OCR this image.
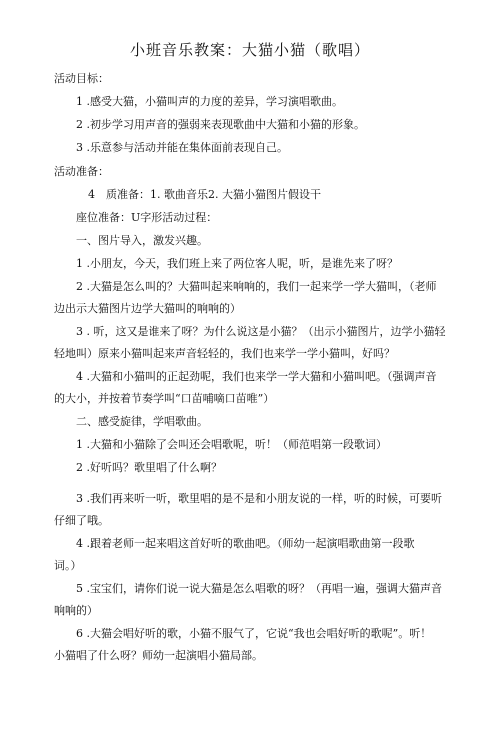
小班音乐教案：大猫小猫（歌唱）
活动目标：
1 .感受大猫，小猫叫声的力度的差异，学习演唱歌曲。
2 .初步学习用声音的强弱来表现歌曲中大猫和小猫的形象。
3 .乐意参与活动并能在集体面前表现自己。
活动准备：
4　质准备：1. 歌曲音乐2. 大猫小猫图片假设干
座位准备：U字形活动过程：
一、图片导入，激发兴趣。
1 .小朋友，今天，我们班上来了两位客人呢，听，是谁先来了呀？
2 .大猫是怎么叫的？大猫叫起来响响的，我们一起来学一学大猫叫，（老师
边出示大猫图片边学大猫叫的响响的）
3 . 听，这又是谁来了呀？为什么说这是小猫？（出示小猫图片，边学小猫轻
轻地叫）原来小猫叫起来声音轻轻的，我们也来学一学小猫叫，好吗？
4 .大猫和小猫叫的正起劲呢，我们也来学一学大猫和小猫叫吧。（强调声音
的大小，并按着节奏学叫“口苗哺嘀口苗唯”）
二、感受旋律，学唱歌曲。
1 .大猫和小猫除了会叫还会唱歌呢，听！（师范唱第一段歌词）
2 .好听吗？歌里唱了什么啊？
3 .我们再来听一听，歌里唱的是不是和小朋友说的一样，听的时候，可要听
仔细了哦。
4 .跟着老师一起来唱这首好听的歌曲吧。（师幼一起演唱歌曲第一段歌
词。）
5 .宝宝们，请你们说一说大猫是怎么唱歌的呀？（再唱一遍，强调大猫声音
响响的）
6 .大猫会唱好听的歌，小猫不服气了，它说“我也会唱好听的歌呢”。听！
小猫唱了什么呀？师幼一起演唱小猫局部。
